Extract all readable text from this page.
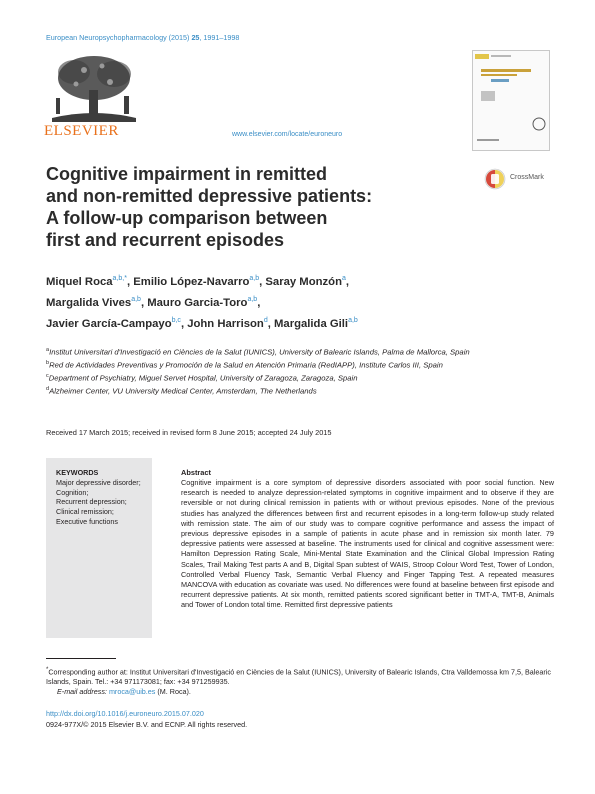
European Neuropsychopharmacology (2015) 25, 1991–1998
ELSEVIER	www.elsevier.com/locate/euroneuro
Cognitive impairment in remitted
and non-remitted depressive patients:
A follow-up comparison between
first and recurrent episodes
CrossMark
Miquel Roca$^{a,b,*}$, Emilio López-Navarro$^{a,b}$, Saray Monzón$^a$,
Margalida Vives$^{a,b}$, Mauro Garcia-Toro$^{a,b}$,
Javier García-Campayo$^{b,c}$, John Harrison$^d$, Margalida Gili$^{a,b}$
$^a$Institut Universitari d'Investigació en Ciències de la Salut (IUNICS), University of Balearic Islands, Palma de Mallorca, Spain
$^b$Red de Actividades Preventivas y Promoción de la Salud en Atención Primaria (RedIAPP), Institute Carlos III, Spain
$^c$Department of Psychiatry, Miguel Servet Hospital, University of Zaragoza, Zaragoza, Spain
$^d$Alzheimer Center, VU University Medical Center, Amsterdam, The Netherlands
Received 17 March 2015; received in revised form 8 June 2015; accepted 24 July 2015
KEYWORDS
Major depressive disorder;
Cognition;
Recurrent depression;
Clinical remission;
Executive functions
Abstract
Cognitive impairment is a core symptom of depressive disorders associated with poor social function. New research is needed to analyze depression-related symptoms in cognitive impairment and to observe if they are reversible or not during clinical remission in patients with or without previous episodes. None of the previous studies has analyzed the differences between first and recurrent episodes in a long-term follow-up study related with remission state. The aim of our study was to compare cognitive performance and assess the impact of previous depressive episodes in a sample of patients in acute phase and in remission six month later. 79 depressive patients were assessed at baseline. The instruments used for clinical and cognitive assessment were: Hamilton Depression Rating Scale, Mini-Mental State Examination and the Clinical Global Impression Rating Scales, Trail Making Test parts A and B, Digital Span subtest of WAIS, Stroop Colour Word Test, Tower of London, Controlled Verbal Fluency Task, Semantic Verbal Fluency and Finger Tapping Test. A repeated measures MANCOVA with education as covariate was used. No differences were found at baseline between first episode and recurrent depressive patients. At six month, remitted patients scored significant better in TMT-A, TMT-B, Animals and Tower of London total time. Remitted first depressive patients
*Corresponding author at: Institut Universitari d'Investigació en Ciències de la Salut (IUNICS), University of Balearic Islands, Ctra Valldemossa km 7,5, Balearic Islands, Spain. Tel.: +34 971173081; fax: +34 971259935.
E-mail address: mroca@uib.es (M. Roca).
http://dx.doi.org/10.1016/j.euroneuro.2015.07.020
0924-977X/© 2015 Elsevier B.V. and ECNP. All rights reserved.
